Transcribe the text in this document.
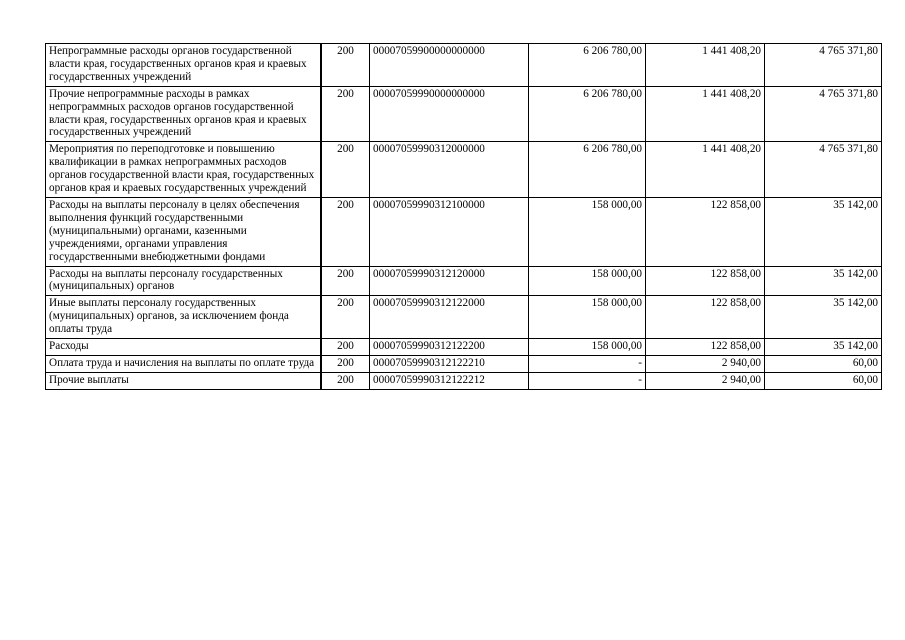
Непрограммные расходы органов государственной власти края, государственных органов края и краевых государственных учреждений	200	00007059900000000000	6 206 780,00	1 441 408,20	4 765 371,80
Прочие непрограммные расходы в рамках непрограммных расходов органов государственной власти края, государственных органов края и краевых государственных учреждений	200	00007059990000000000	6 206 780,00	1 441 408,20	4 765 371,80
Мероприятия по переподготовке и повышению квалификации в рамках непрограммных расходов органов государственной власти края, государственных органов края и краевых государственных учреждений	200	00007059990312000000	6 206 780,00	1 441 408,20	4 765 371,80
Расходы на выплаты персоналу в целях обеспечения выполнения функций государственными (муниципальными) органами, казенными учреждениями, органами управления государственными внебюджетными фондами	200	00007059990312100000	158 000,00	122 858,00	35 142,00
Расходы на выплаты персоналу государственных (муниципальных) органов	200	00007059990312120000	158 000,00	122 858,00	35 142,00
Иные выплаты персоналу государственных (муниципальных) органов, за исключением фонда оплаты труда	200	00007059990312122000	158 000,00	122 858,00	35 142,00
Расходы	200	00007059990312122200	158 000,00	122 858,00	35 142,00
Оплата труда и начисления на выплаты по оплате труда	200	00007059990312122210	-	2 940,00	60,00
Прочие выплаты	200	00007059990312122212	-	2 940,00	60,00
